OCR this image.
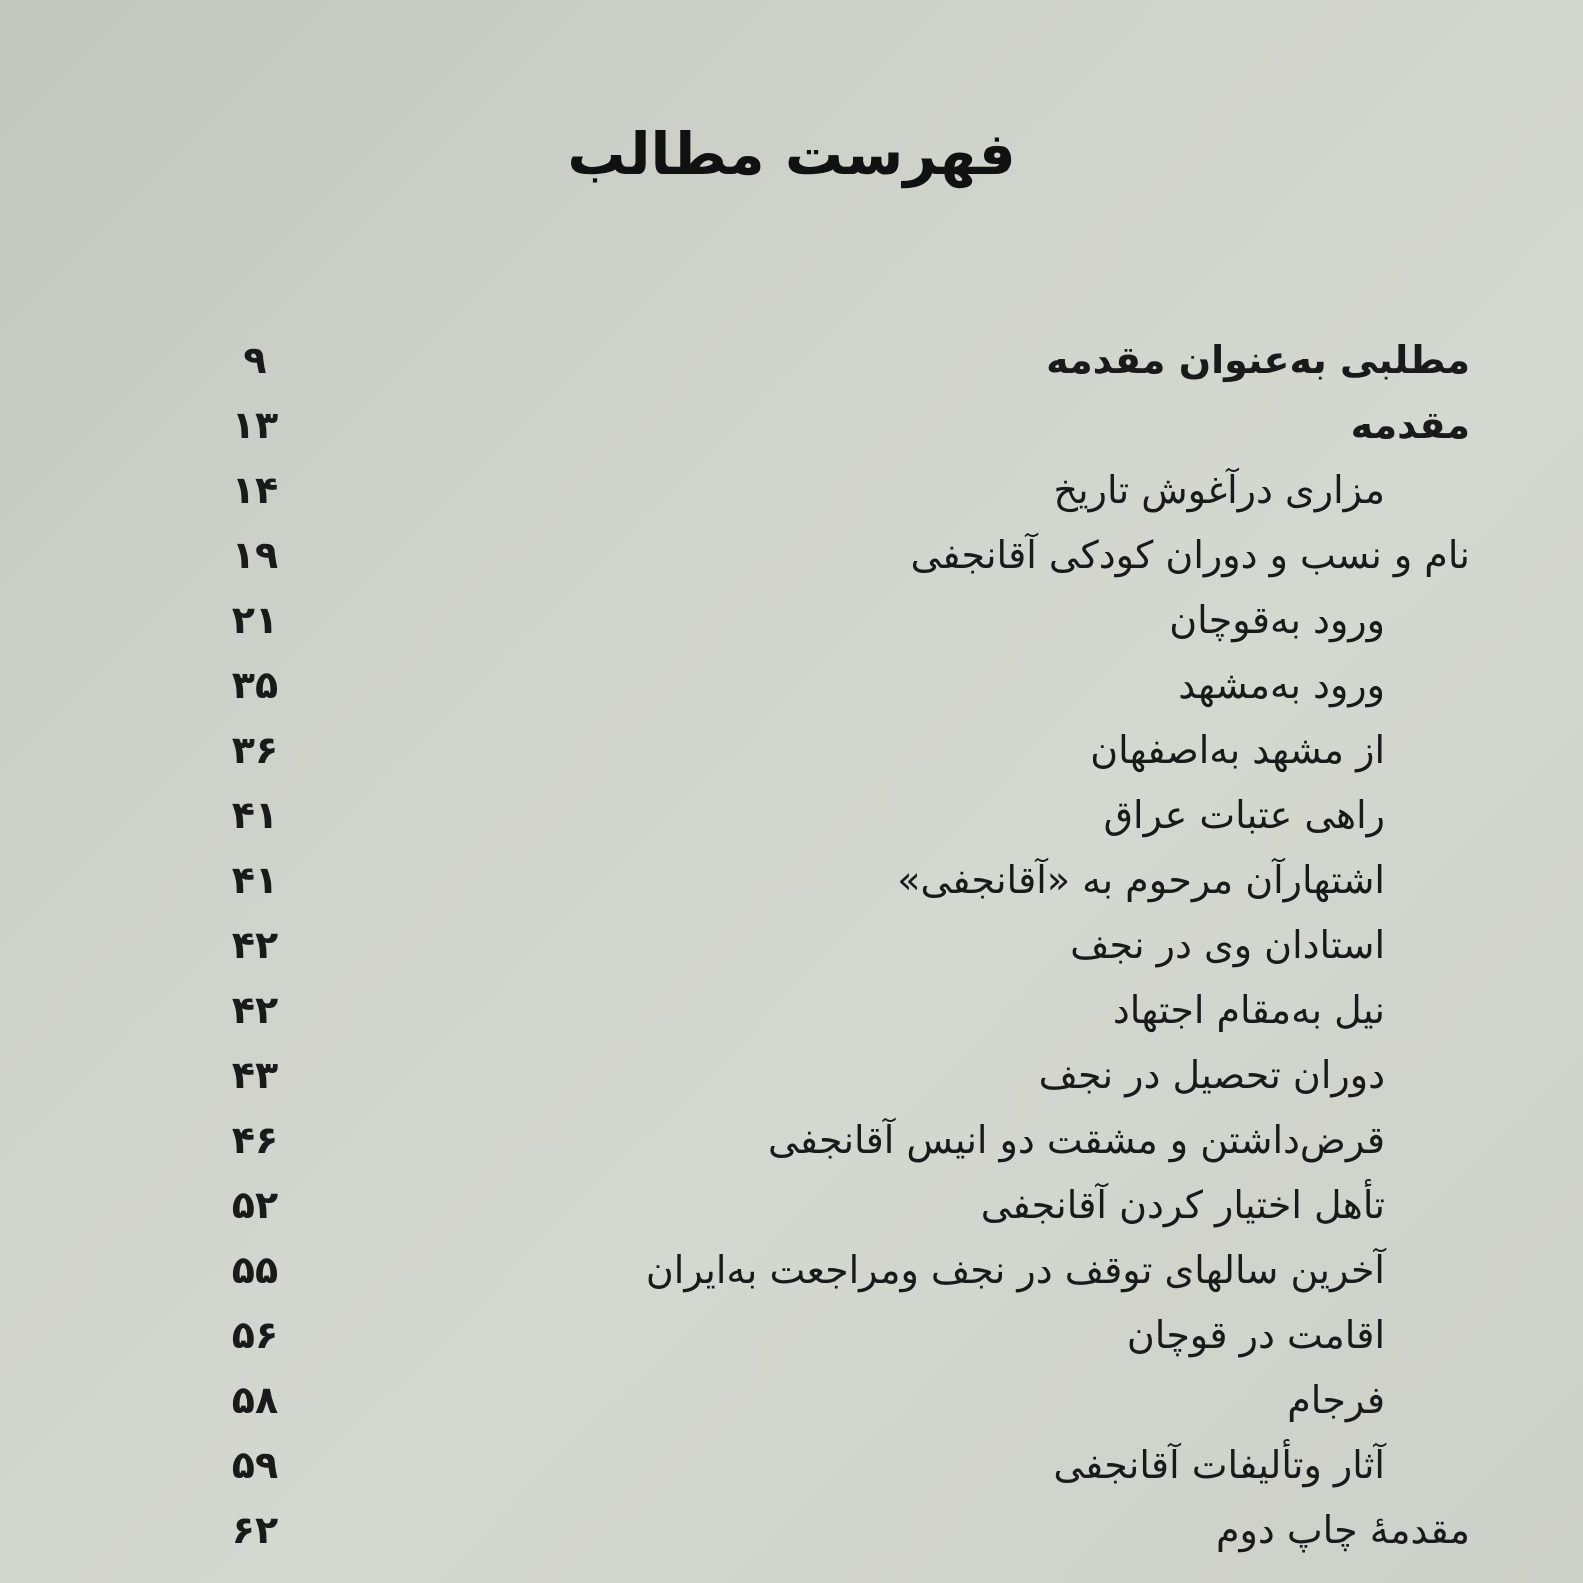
فهرست مطالب
مطلبی به‌عنوان مقدمه
۹
مقدمه
۱۳
مزاری درآغوش تاریخ
۱۴
نام و نسب و دوران کودکی آقانجفی
۱۹
ورود به‌قوچان
۲۱
ورود به‌مشهد
۳۵
از مشهد به‌اصفهان
۳۶
راهی عتبات عراق
۴۱
اشتهارآن مرحوم به «آقانجفی»
۴۱
استادان وی در نجف
۴۲
نیل به‌مقام اجتهاد
۴۲
دوران تحصیل در نجف
۴۳
قرض‌داشتن و مشقت دو انیس آقانجفی
۴۶
تأهل اختیار کردن آقانجفی
۵۲
آخرین سالهای توقف در نجف ومراجعت به‌ایران
۵۵
اقامت در قوچان
۵۶
فرجام
۵۸
آثار وتألیفات آقانجفی
۵۹
مقدمهٔ چاپ دوم
۶۲
